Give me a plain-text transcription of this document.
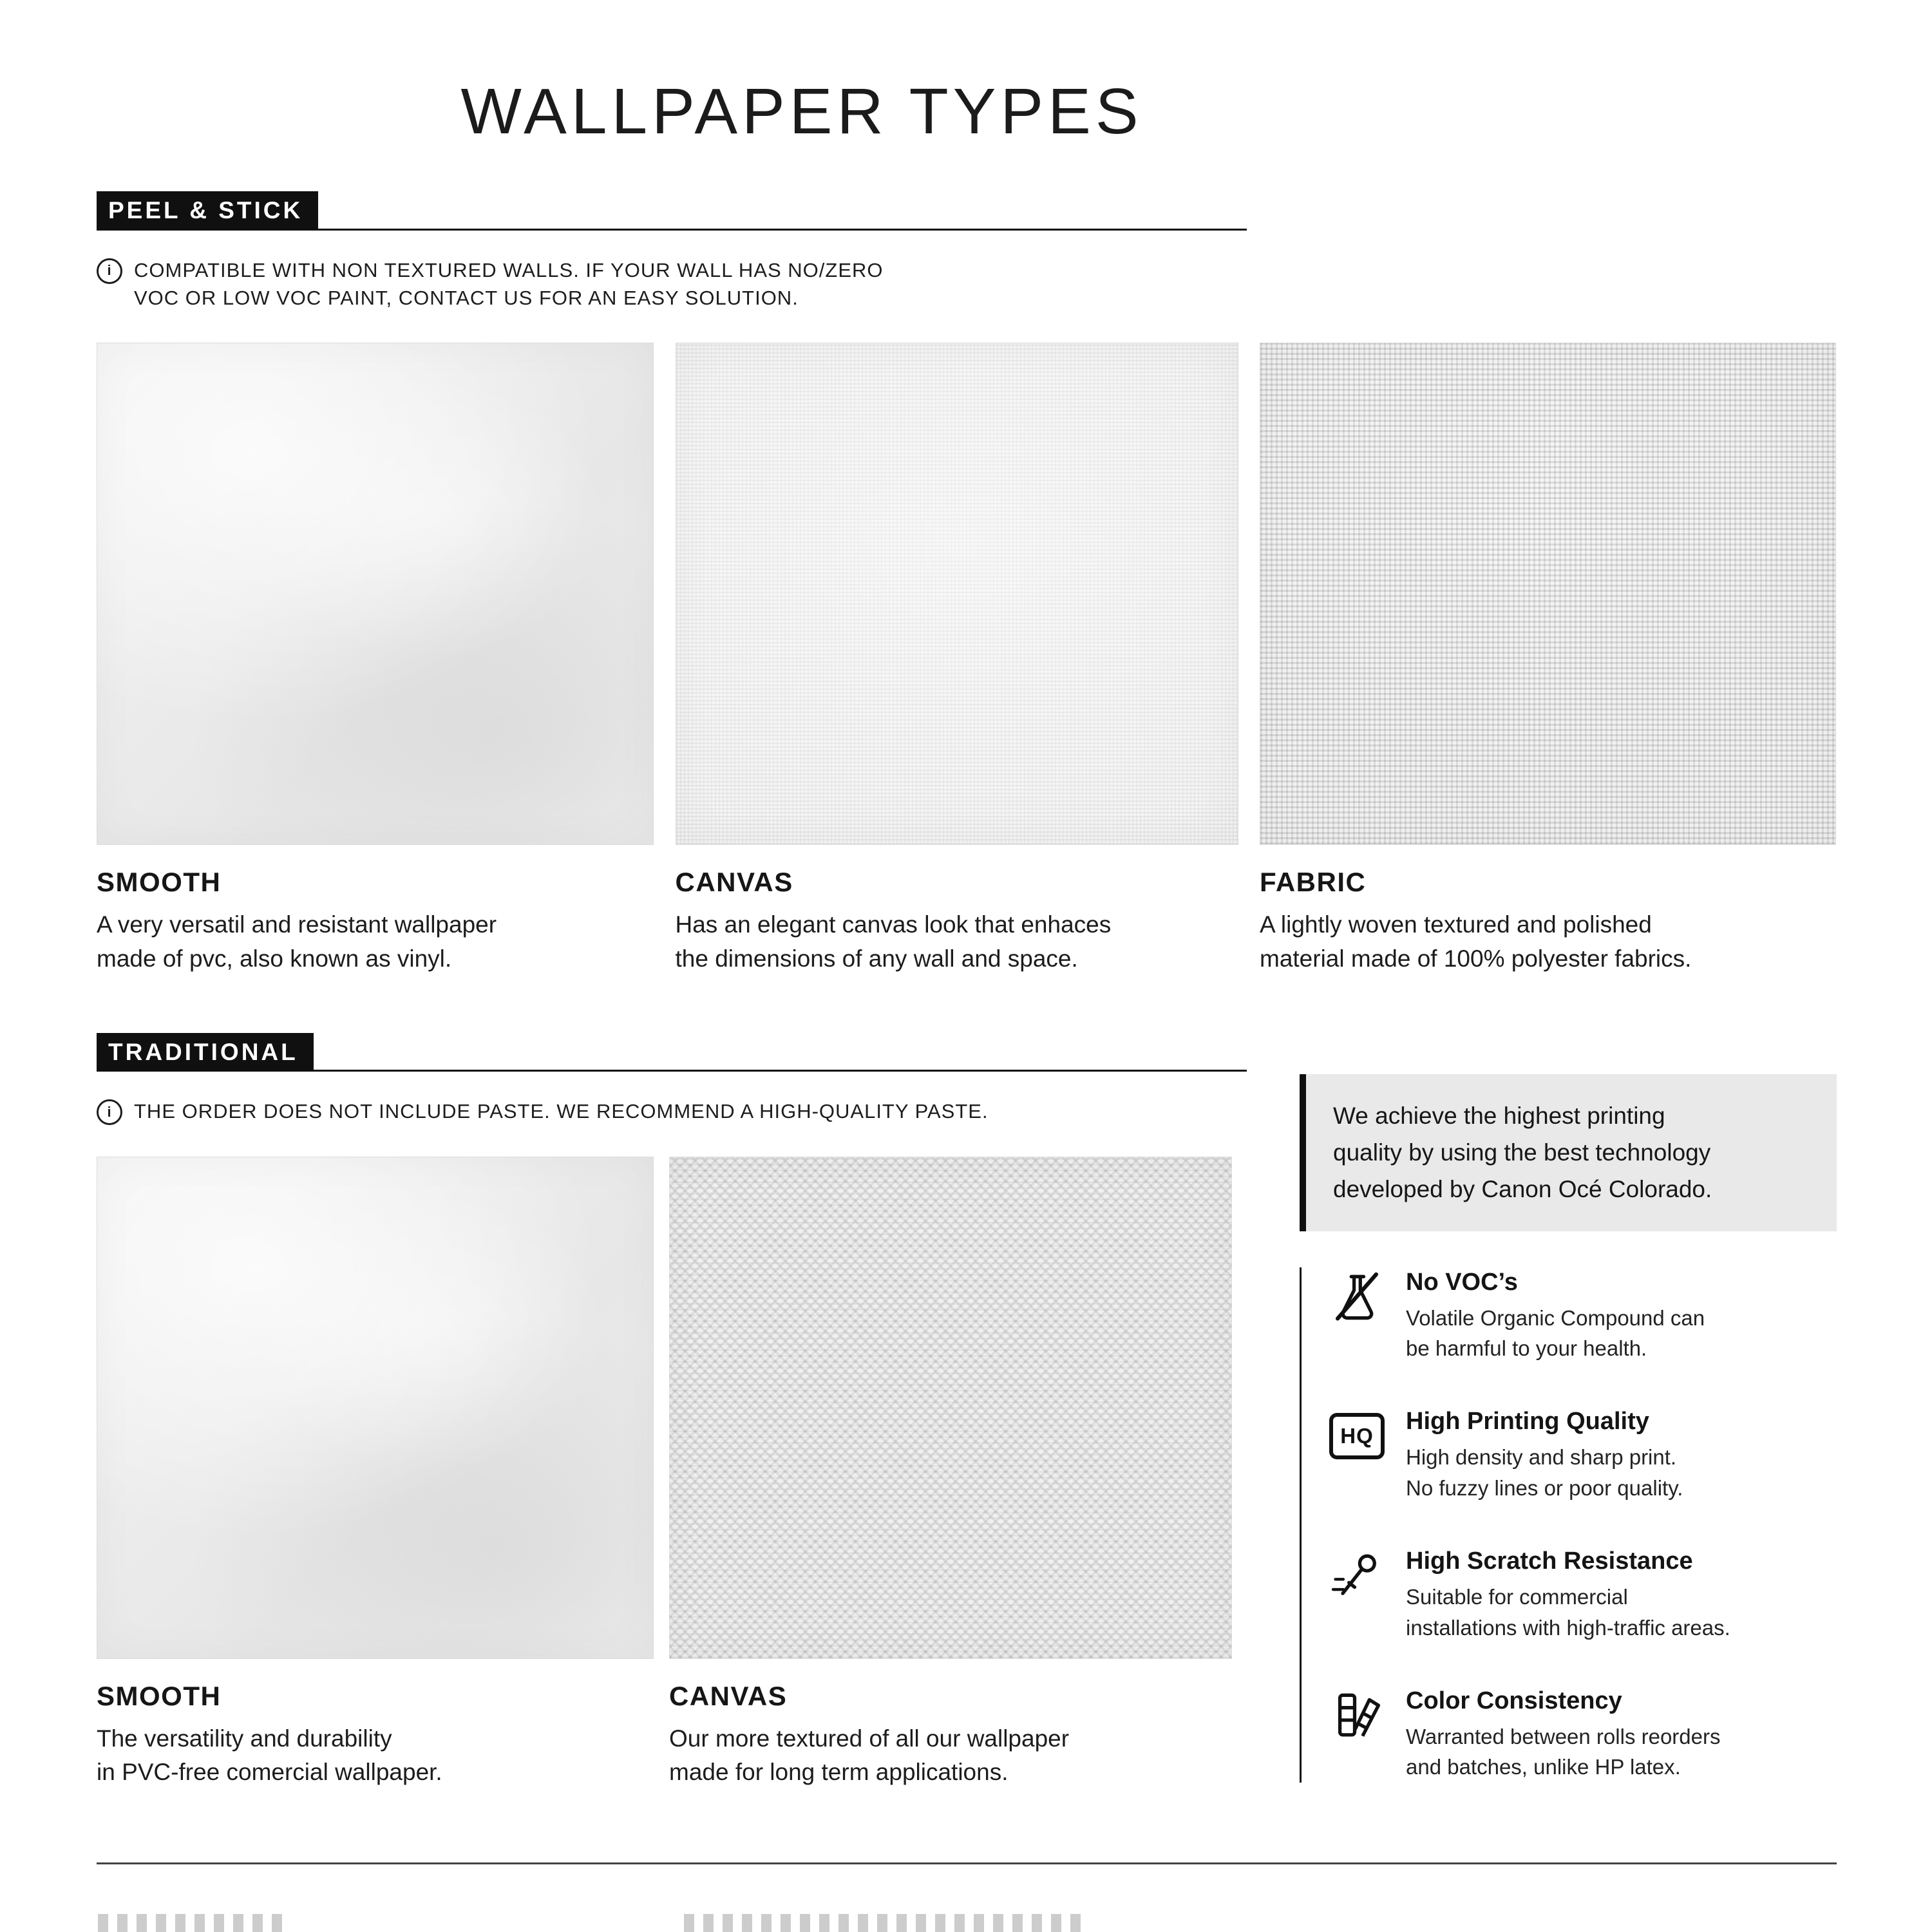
WALLPAPER TYPES
PEEL & STICK
i
COMPATIBLE WITH NON TEXTURED WALLS. IF YOUR WALL HAS NO/ZERO
VOC OR LOW VOC PAINT, CONTACT US FOR AN EASY SOLUTION.
SMOOTH
A very versatil and resistant wallpaper
made of pvc, also known as vinyl.
CANVAS
Has an elegant canvas look that enhaces
the dimensions of any wall and space.
FABRIC
A lightly woven textured and polished
material made of 100% polyester fabrics.
TRADITIONAL
i
THE ORDER DOES NOT INCLUDE PASTE. WE RECOMMEND A HIGH-QUALITY PASTE.
SMOOTH
The versatility and durability
in PVC-free comercial wallpaper.
CANVAS
Our more textured of all our wallpaper
made for long term applications.
We achieve the highest printing
quality by using the best technology
developed by Canon Océ Colorado.
No VOC’s
Volatile Organic Compound can
be harmful to your health.
HQ
High Printing Quality
High density and sharp print.
No fuzzy lines or poor quality.
High Scratch Resistance
Suitable for commercial
installations with high-traffic areas.
Color Consistency
Warranted between rolls reorders
and batches, unlike HP latex.
